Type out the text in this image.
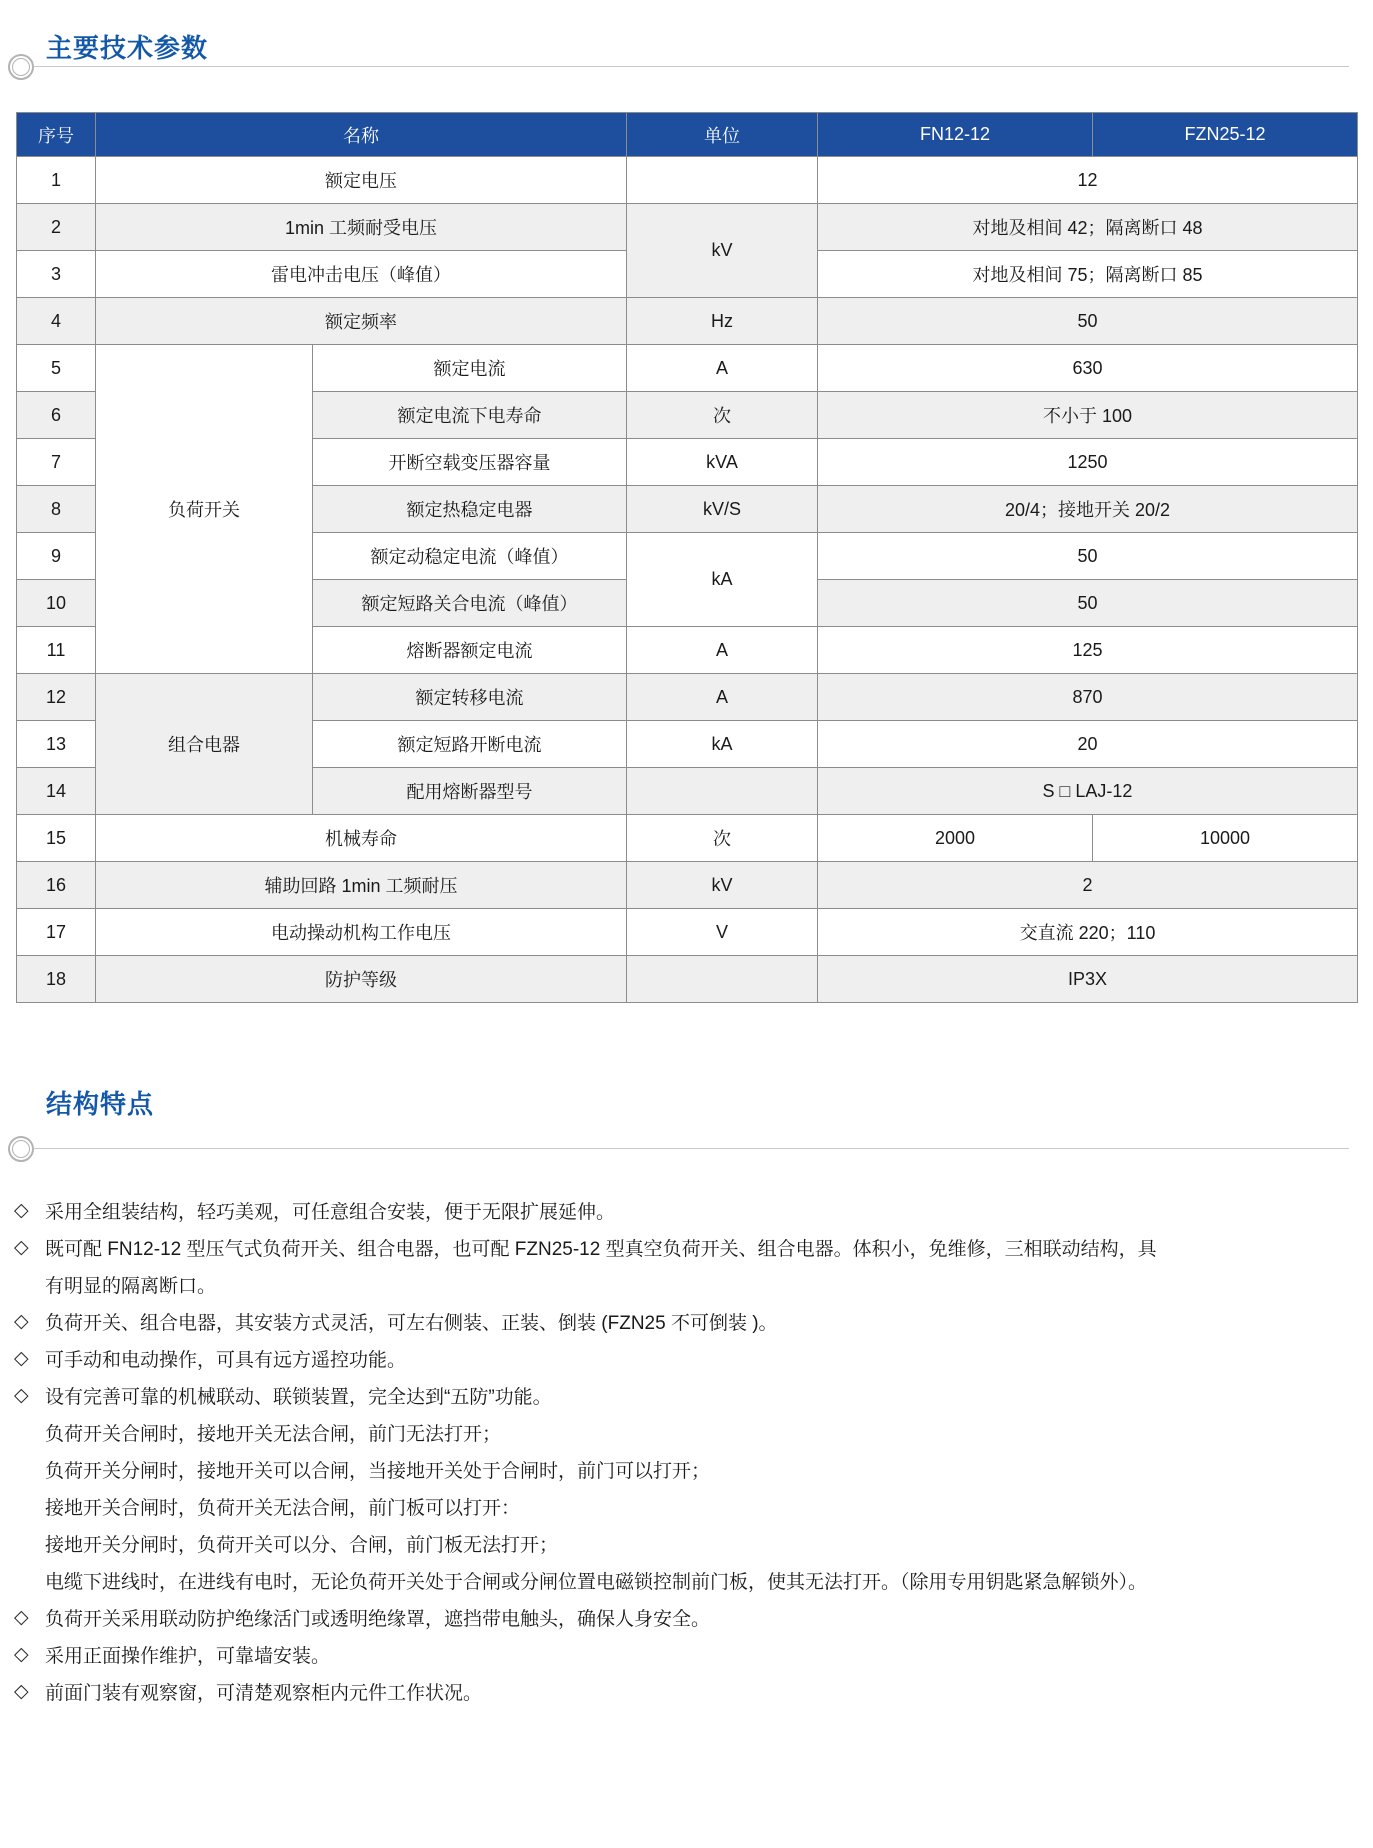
主要技术参数
序号	名称		单位	FN12-12	FZN25-12
1	额定电压			12	
2	1min 工频耐受电压		kV	对地及相间 42；隔离断口 48	
3	雷电冲击电压（峰值）			对地及相间 75；隔离断口 85	
4	额定频率		Hz	50	
5	负荷开关	额定电流	A	630	
6		额定电流下电寿命	次	不小于 100	
7		开断空载变压器容量	kVA	1250	
8		额定热稳定电器	kV/S	20/4；接地开关 20/2	
9		额定动稳定电流（峰值）	kA	50	
10		额定短路关合电流（峰值）		50	
11		熔断器额定电流	A	125	
12	组合电器	额定转移电流	A	870	
13		额定短路开断电流	kA	20	
14		配用熔断器型号		S □ LAJ-12	
15	机械寿命		次	2000	10000
16	辅助回路 1min 工频耐压		kV	2	
17	电动操动机构工作电压		V	交直流 220；110	
18	防护等级			IP3X	
结构特点
◇ 采用全组装结构，轻巧美观，可任意组合安装，便于无限扩展延伸。
◇ 既可配 FN12-12 型压气式负荷开关、组合电器，也可配 FZN25-12 型真空负荷开关、组合电器。体积小，免维修，三相联动结构，具
有明显的隔离断口。
◇ 负荷开关、组合电器，其安装方式灵活，可左右侧装、正装、倒装 (FZN25 不可倒装 )。
◇ 可手动和电动操作，可具有远方遥控功能。
◇ 设有完善可靠的机械联动、联锁装置，完全达到“五防”功能。
负荷开关合闸时，接地开关无法合闸，前门无法打开；
负荷开关分闸时，接地开关可以合闸，当接地开关处于合闸时，前门可以打开；
接地开关合闸时，负荷开关无法合闸，前门板可以打开：
接地开关分闸时，负荷开关可以分、合闸，前门板无法打开；
电缆下进线时，在进线有电时，无论负荷开关处于合闸或分闸位置电磁锁控制前门板，使其无法打开。（除用专用钥匙紧急解锁外）。
◇ 负荷开关采用联动防护绝缘活门或透明绝缘罩，遮挡带电触头，确保人身安全。
◇ 采用正面操作维护，可靠墙安装。
◇ 前面门装有观察窗，可清楚观察柜内元件工作状况。
